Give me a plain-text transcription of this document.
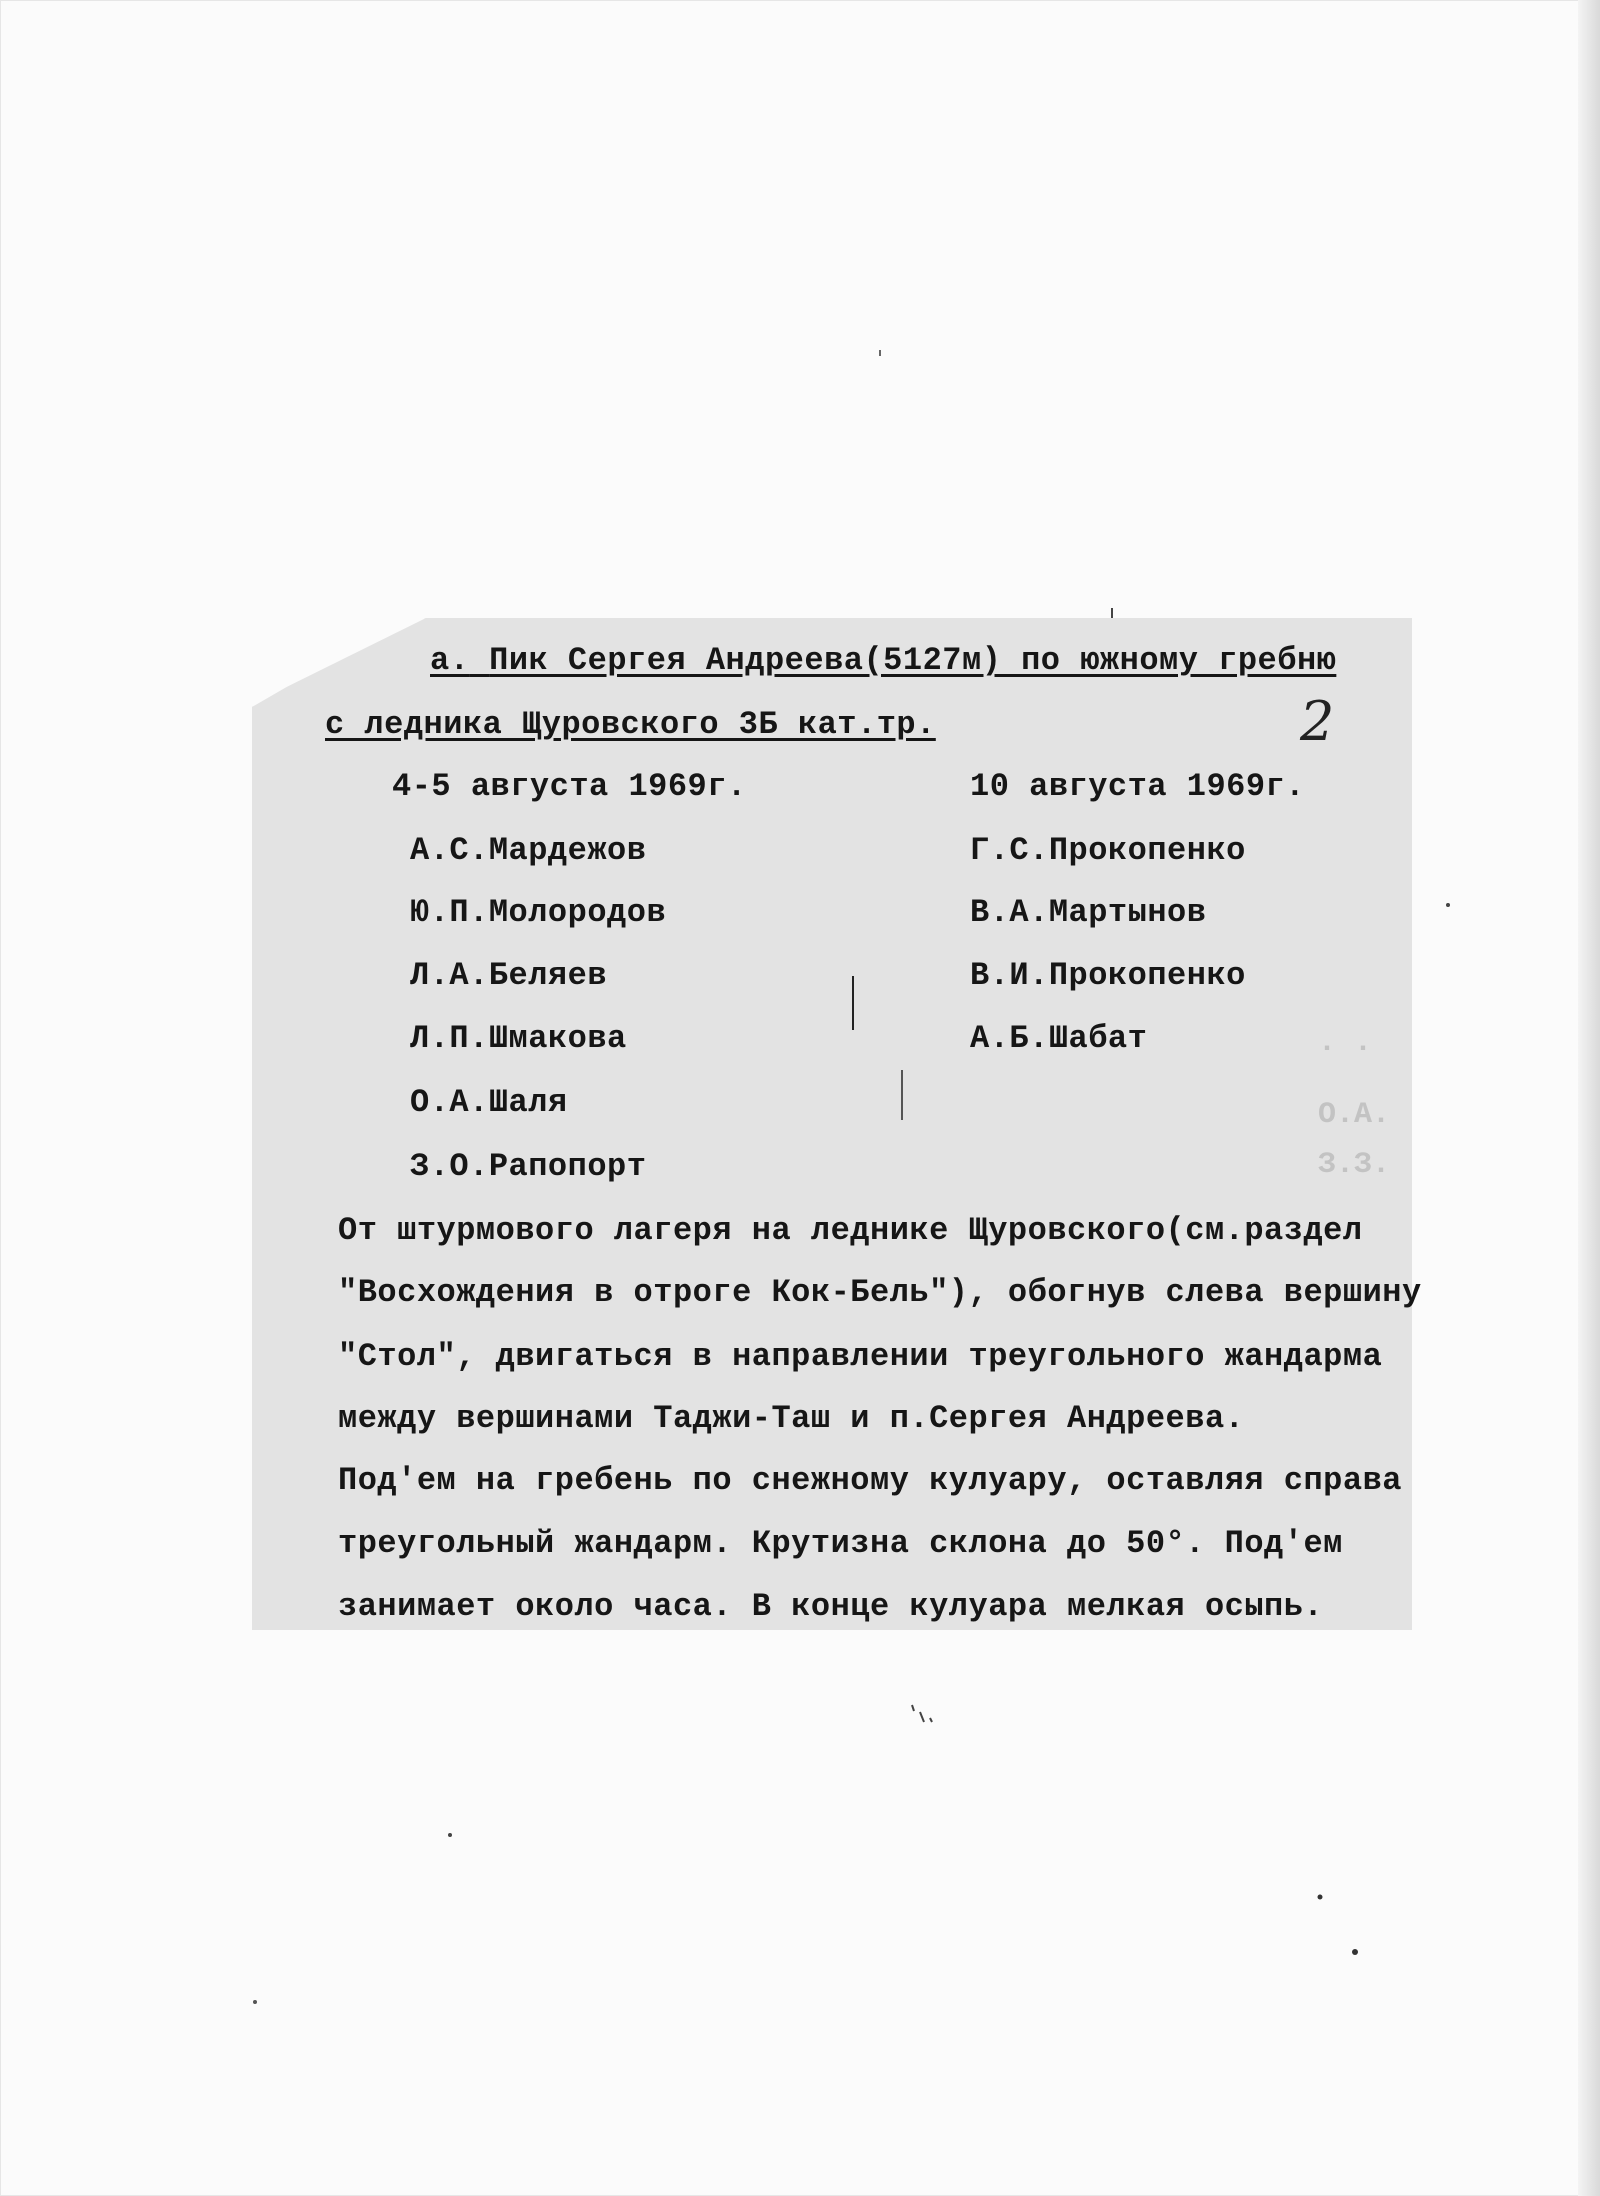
· ·
О.А.
З.З.
а. Пик Сергея Андреева(5127м) по южному гребню
с ледника Щуровского 3Б кат.тр.	2
4-5 августа 1969г.	10 августа 1969г.
А.С.Мардежов
Ю.П.Молородов
Л.А.Беляев
Л.П.Шмакова
О.А.Шаля
З.О.Рапопорт
Г.С.Прокопенко
В.А.Мартынов
В.И.Прокопенко
А.Б.Шабат
От штурмового лагеря на леднике Щуровского(см.раздел
"Восхождения в отроге Кок-Бель"), обогнув слева вершину
"Стол", двигаться в направлении треугольного жандарма
между вершинами Таджи-Таш и п.Сергея Андреева.
Под'ем на гребень по снежному кулуару, оставляя справа
треугольный жандарм. Крутизна склона до 50°. Под'ем
занимает около часа. В конце кулуара мелкая осыпь.
